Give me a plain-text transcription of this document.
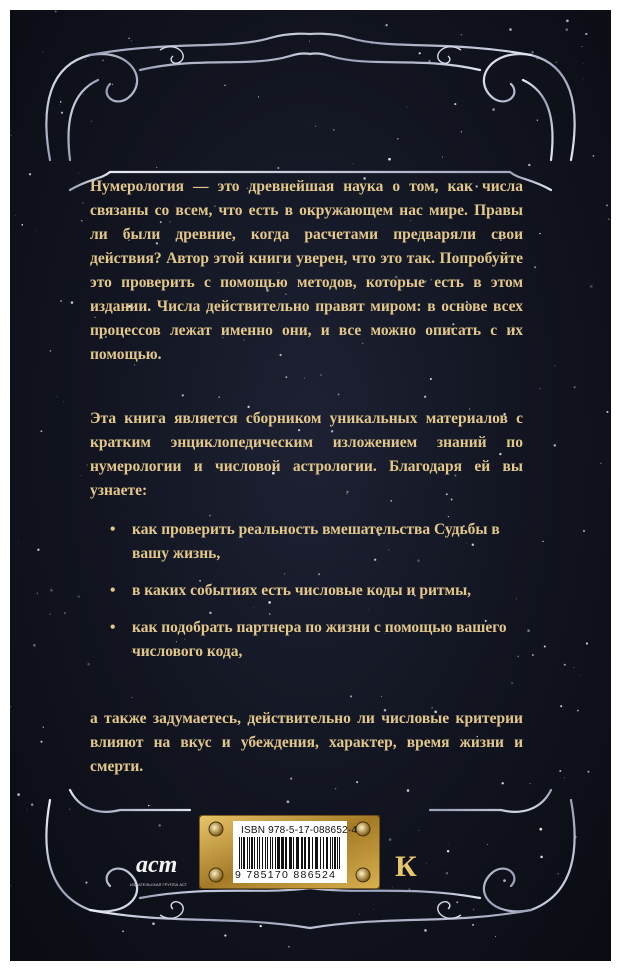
Нумерология — это древнейшая наука о том, как числа связаны со всем, что есть в окружающем нас мире. Правы ли были древние, когда расчетами предваряли свои действия? Автор этой книги уверен, что это так. Попробуйте это проверить с помощью методов, которые есть в этом издании. Числа действительно правят миром: в основе всех процессов лежат именно они, и все можно описать с их помощью.

Эта книга является сборником уникальных материалов с кратким энциклопедическим изложением знаний по нумерологии и числовой астрологии. Благодаря ей вы узнаете:

• как проверить реальность вмешательства Судьбы в вашу жизнь,
• в каких событиях есть числовые коды и ритмы,
• как подобрать партнера по жизни с помощью вашего числового кода,

а также задумаетесь, действительно ли числовые критерии влияют на вкус и убеждения, характер, время жизни и смерти.

аст
ИЗДАТЕЛЬСКАЯ ГРУППА АСТ
ISBN 978-5-17-088652-4
9 785170 886524 К
